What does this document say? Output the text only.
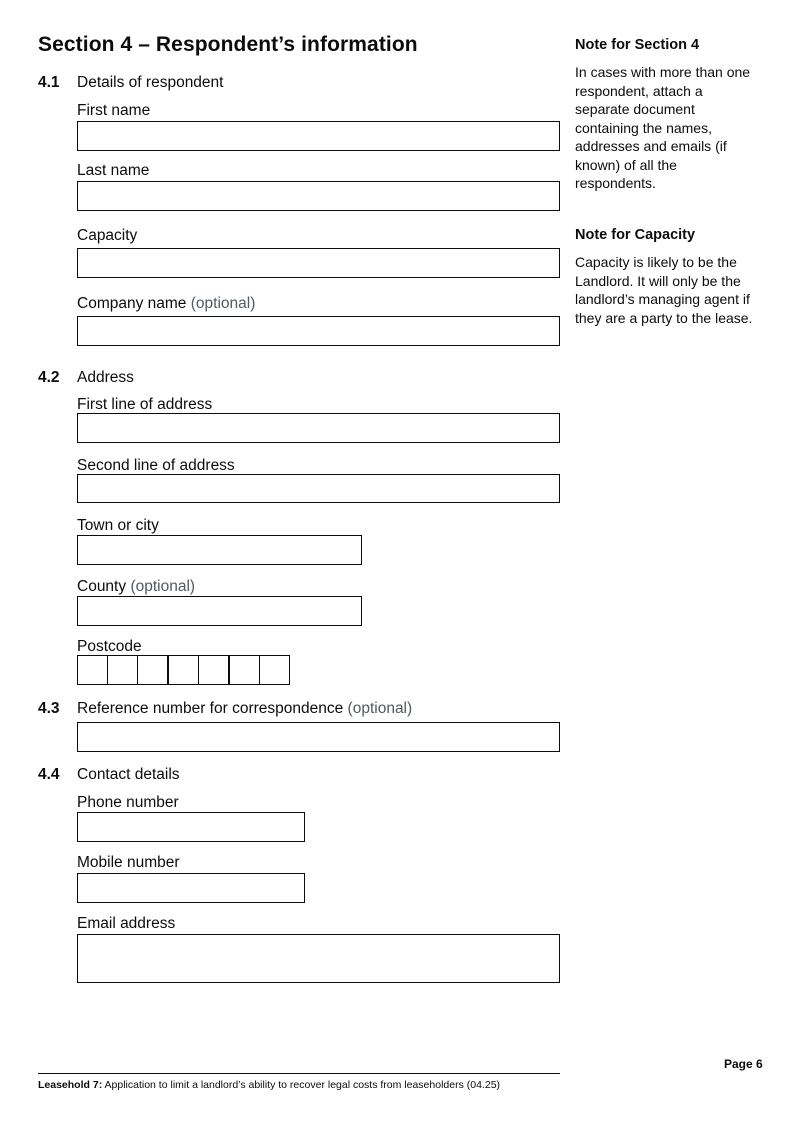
Section 4 – Respondent’s information
4.1 Details of respondent
First name
Last name
Capacity
Company name (optional)
4.2 Address
First line of address
Second line of address
Town or city
County (optional)
Postcode
4.3 Reference number for correspondence (optional)
4.4 Contact details
Phone number
Mobile number
Email address
Note for Section 4
In cases with more than one respondent, attach a separate document containing the names, addresses and emails (if known) of all the respondents.
Note for Capacity
Capacity is likely to be the Landlord. It will only be the landlord’s managing agent if they are a party to the lease.
Page 6
Leasehold 7: Application to limit a landlord’s ability to recover legal costs from leaseholders (04.25)
